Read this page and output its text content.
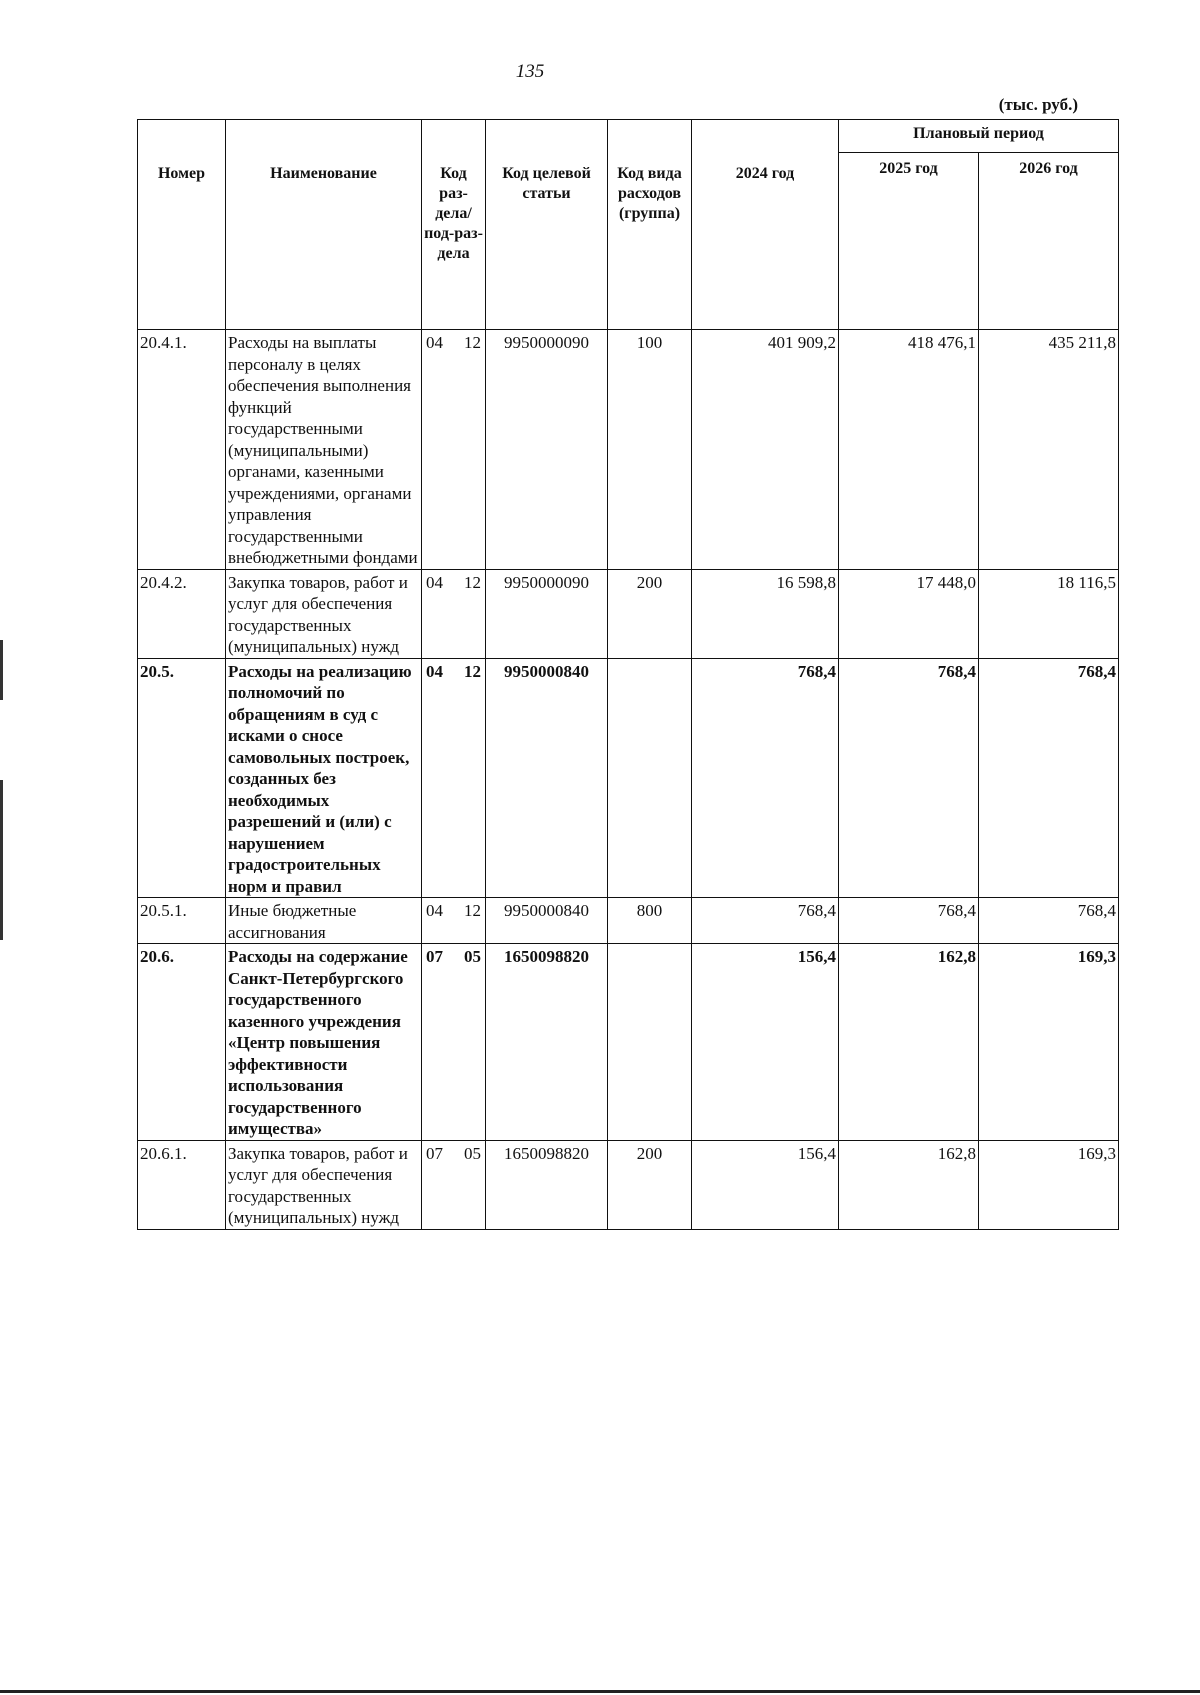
135
(тыс. руб.)
Номер	Наименование	Код раз-дела/ под-раз-дела	Код целевой статьи	Код вида расходов (группа)	2024 год	Плановый период	
						2025 год	2026 год
20.4.1.	Расходы на выплаты персоналу в целях обеспечения выполнения функций государственными (муниципальными) органами, казенными учреждениями, органами управления государственными внебюджетными фондами	04 12	9950000090	100	401 909,2	418 476,1	435 211,8
20.4.2.	Закупка товаров, работ и услуг для обеспечения государственных (муниципальных) нужд	04 12	9950000090	200	16 598,8	17 448,0	18 116,5
20.5.	Расходы на реализацию полномочий по обращениям в суд с исками о сносе самовольных построек, созданных без необходимых разрешений и (или) с нарушением градостроительных норм и правил	04 12	9950000840		768,4	768,4	768,4
20.5.1.	Иные бюджетные ассигнования	04 12	9950000840	800	768,4	768,4	768,4
20.6.	Расходы на содержание Санкт-Петербургского государственного казенного учреждения «Центр повышения эффективности использования государственного имущества»	07 05	1650098820		156,4	162,8	169,3
20.6.1.	Закупка товаров, работ и услуг для обеспечения государственных (муниципальных) нужд	07 05	1650098820	200	156,4	162,8	169,3
